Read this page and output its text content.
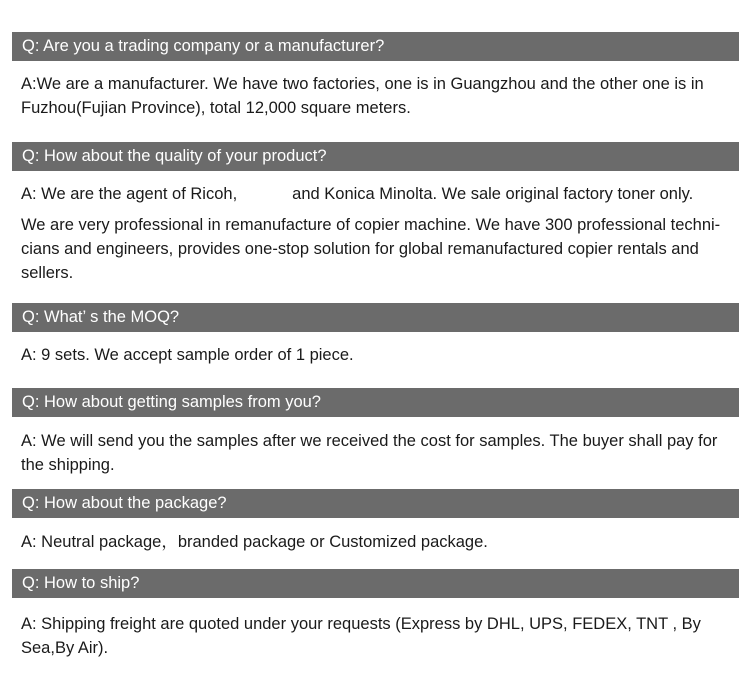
Q: Are you a trading company or a manufacturer?
A:We are a manufacturer. We have two factories, one is in Guangzhou and the other one is in
Fuzhou(Fujian Province), total 12,000 square meters.
Q: How about the quality of your product?
A: We are the agent of Ricoh,            and Konica Minolta. We sale original factory toner only.
We are very professional in remanufacture of copier machine. We have 300 professional techni-
cians and engineers, provides one-stop solution for global remanufactured copier rentals and
sellers.
Q: What’ s the MOQ?
A: 9 sets. We accept sample order of 1 piece.
Q: How about getting samples from you?
A: We will send you the samples after we received the cost for samples. The buyer shall pay for
the shipping.
Q: How about the package?
A: Neutral package，branded package or Customized package.
Q: How to ship?
A: Shipping freight are quoted under your requests (Express by DHL, UPS, FEDEX, TNT , By
Sea,By Air).
